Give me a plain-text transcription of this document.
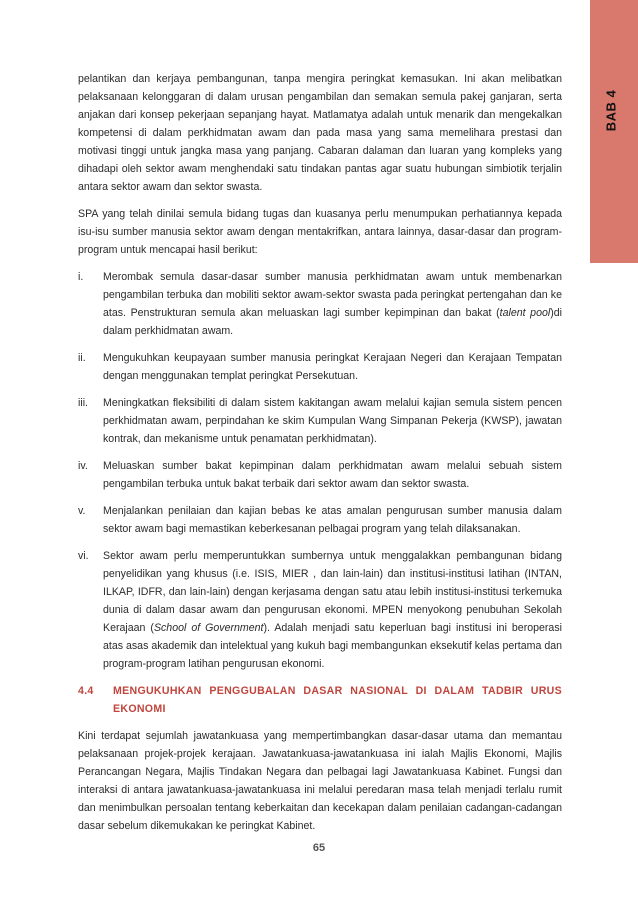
BAB 4

pelantikan dan kerjaya pembangunan, tanpa mengira peringkat kemasukan. Ini akan melibatkan pelaksanaan kelonggaran di dalam urusan pengambilan dan semakan semula pakej ganjaran, serta anjakan dari konsep pekerjaan sepanjang hayat. Matlamatya adalah untuk menarik dan mengekalkan kompetensi di dalam perkhidmatan awam dan pada masa yang sama memelihara prestasi dan motivasi tinggi untuk jangka masa yang panjang. Cabaran dalaman dan luaran yang kompleks yang dihadapi oleh sektor awam menghendaki satu tindakan pantas agar suatu hubungan simbiotik terjalin antara sektor awam dan sektor swasta.

SPA yang telah dinilai semula bidang tugas dan kuasanya perlu menumpukan perhatiannya kepada isu-isu sumber manusia sektor awam dengan mentakrifkan, antara lainnya, dasar-dasar dan program-program untuk mencapai hasil berikut:

i.	Merombak semula dasar-dasar sumber manusia perkhidmatan awam untuk membenarkan pengambilan terbuka dan mobiliti sektor awam-sektor swasta pada peringkat pertengahan dan ke atas. Penstrukturan semula akan meluaskan lagi sumber kepimpinan dan bakat (talent pool)di dalam perkhidmatan awam.
ii.	Mengukuhkan keupayaan sumber manusia peringkat Kerajaan Negeri dan Kerajaan Tempatan dengan menggunakan templat peringkat Persekutuan.
iii.	Meningkatkan fleksibiliti di dalam sistem kakitangan awam melalui kajian semula sistem pencen perkhidmatan awam, perpindahan ke skim Kumpulan Wang Simpanan Pekerja (KWSP), jawatan kontrak, dan mekanisme untuk penamatan perkhidmatan).
iv.	Meluaskan sumber bakat kepimpinan dalam perkhidmatan awam melalui sebuah sistem pengambilan terbuka untuk bakat terbaik dari sektor awam dan sektor swasta.
v.	Menjalankan penilaian dan kajian bebas ke atas amalan pengurusan sumber manusia dalam sektor awam bagi memastikan keberkesanan pelbagai program yang telah dilaksanakan.
vi.	Sektor awam perlu memperuntukkan sumbernya untuk menggalakkan pembangunan bidang penyelidikan yang khusus (i.e. ISIS, MIER , dan lain-lain) dan institusi-institusi latihan (INTAN, ILKAP, IDFR, dan lain-lain) dengan kerjasama dengan satu atau lebih institusi-institusi terkemuka dunia di dalam dasar awam dan pengurusan ekonomi. MPEN menyokong penubuhan Sekolah Kerajaan (School of Government). Adalah menjadi satu keperluan bagi institusi ini beroperasi atas asas akademik dan intelektual yang kukuh bagi membangunkan eksekutif kelas pertama dan program-program latihan pengurusan ekonomi.
4.4	MENGUKUHKAN PENGGUBALAN DASAR NASIONAL DI DALAM TADBIR URUS EKONOMI

Kini terdapat sejumlah jawatankuasa yang mempertimbangkan dasar-dasar utama dan memantau pelaksanaan projek-projek kerajaan. Jawatankuasa-jawatankuasa ini ialah Majlis Ekonomi, Majlis Perancangan Negara, Majlis Tindakan Negara dan pelbagai lagi Jawatankuasa Kabinet. Fungsi dan interaksi di antara jawatankuasa-jawatankuasa ini melalui peredaran masa telah menjadi terlalu rumit dan menimbulkan persoalan tentang keberkaitan dan kecekapan dalam penilaian cadangan-cadangan dasar sebelum dikemukakan ke peringkat Kabinet.

65
